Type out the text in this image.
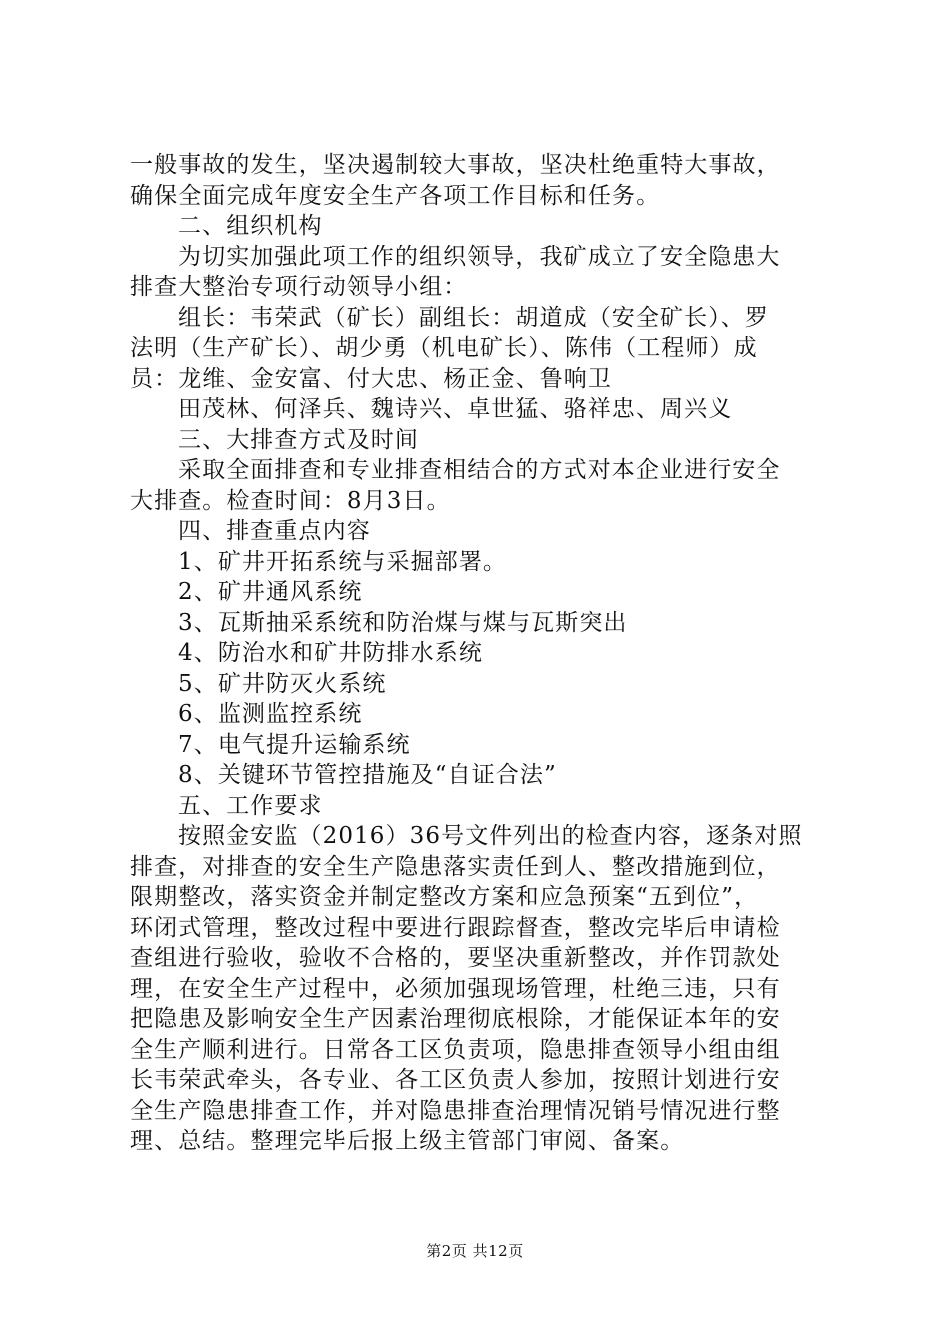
一般事故的发生，坚决遏制较大事故，坚决杜绝重特大事故，
确保全面完成年度安全生产各项工作目标和任务。
二、组织机构
为切实加强此项工作的组织领导，我矿成立了安全隐患大
排查大整治专项行动领导小组：
组长：韦荣武（矿长）副组长：胡道成（安全矿长）、罗
法明（生产矿长）、胡少勇（机电矿长）、陈伟（工程师）成
员：龙维、金安富、付大忠、杨正金、鲁响卫
田茂林、何泽兵、魏诗兴、卓世猛、骆祥忠、周兴义
三、大排查方式及时间
采取全面排查和专业排查相结合的方式对本企业进行安全
大排查。检查时间：8月3日。
四、排查重点内容
1、矿井开拓系统与采掘部署。
2、矿井通风系统
3、瓦斯抽采系统和防治煤与煤与瓦斯突出
4、防治水和矿井防排水系统
5、矿井防灭火系统
6、监测监控系统
7、电气提升运输系统
8、关键环节管控措施及“自证合法”
五、工作要求
按照金安监（2016）36号文件列出的检查内容，逐条对照
排查，对排查的安全生产隐患落实责任到人、整改措施到位，
限期整改，落实资金并制定整改方案和应急预案“五到位”，
环闭式管理，整改过程中要进行跟踪督查，整改完毕后申请检
查组进行验收，验收不合格的，要坚决重新整改，并作罚款处
理，在安全生产过程中，必须加强现场管理，杜绝三违，只有
把隐患及影响安全生产因素治理彻底根除，才能保证本年的安
全生产顺利进行。日常各工区负责项，隐患排查领导小组由组
长韦荣武牵头，各专业、各工区负责人参加，按照计划进行安
全生产隐患排查工作，并对隐患排查治理情况销号情况进行整
理、总结。整理完毕后报上级主管部门审阅、备案。
第2页 共12页
